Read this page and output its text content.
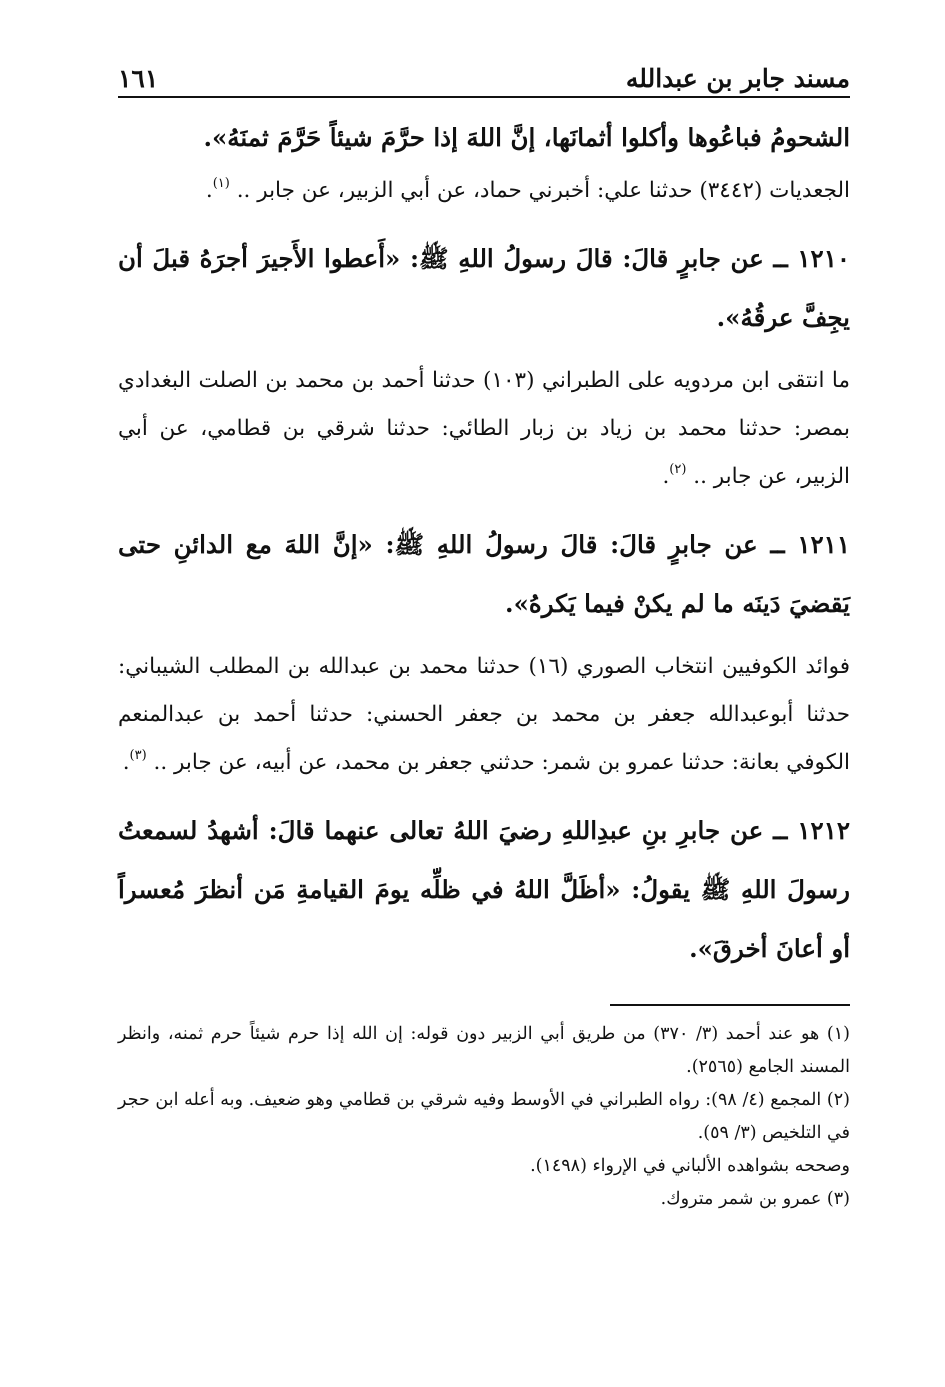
مسند جابر بن عبدالله
١٦١

الشحومُ فباعُوها وأكلوا أثمانَها، إنَّ اللهَ إذا حرَّمَ شيئاً حَرَّمَ ثمنَهُ».

الجعديات (٣٤٤٢) حدثنا علي: أخبرني حماد، عن أبي الزبير، عن جابر .. $^{(١)}$.

١٢١٠ ــ عن جابرٍ قالَ: قالَ رسولُ اللهِ ﷺ: «أَعطوا الأَجيرَ أجرَهُ قبلَ أن يجِفَّ عرقُهُ».

ما انتقى ابن مردويه على الطبراني (١٠٣) حدثنا أحمد بن محمد بن الصلت البغدادي بمصر: حدثنا محمد بن زياد بن زبار الطائي: حدثنا شرقي بن قطامي، عن أبي الزبير، عن جابر .. $^{(٢)}$.

١٢١١ ــ عن جابرٍ قالَ: قالَ رسولُ اللهِ ﷺ: «إنَّ اللهَ مع الدائنِ حتى يَقضيَ دَينَه ما لم يكنْ فيما يَكرهُ».

فوائد الكوفيين انتخاب الصوري (١٦) حدثنا محمد بن عبدالله بن المطلب الشيباني: حدثنا أبوعبدالله جعفر بن محمد بن جعفر الحسني: حدثنا أحمد بن عبدالمنعم الكوفي بعانة: حدثنا عمرو بن شمر: حدثني جعفر بن محمد، عن أبيه، عن جابر .. $^{(٣)}$.

١٢١٢ ــ عن جابرِ بنِ عبدِاللهِ رضيَ اللهُ تعالى عنهما قالَ: أشهدُ لسمعتُ رسولَ اللهِ ﷺ يقولُ: «أظَلَّ اللهُ في ظلِّه يومَ القيامةِ مَن أنظرَ مُعسراً أو أعانَ أخرقَ».

(١) هو عند أحمد (٣/ ٣٧٠) من طريق أبي الزبير دون قوله: إن الله إذا حرم شيئاً حرم ثمنه، وانظر المسند الجامع (٢٥٦٥).

(٢) المجمع (٤/ ٩٨): رواه الطبراني في الأوسط وفيه شرقي بن قطامي وهو ضعيف. وبه أعله ابن حجر في التلخيص (٣/ ٥٩).

وصححه بشواهده الألباني في الإرواء (١٤٩٨).

(٣) عمرو بن شمر متروك.
